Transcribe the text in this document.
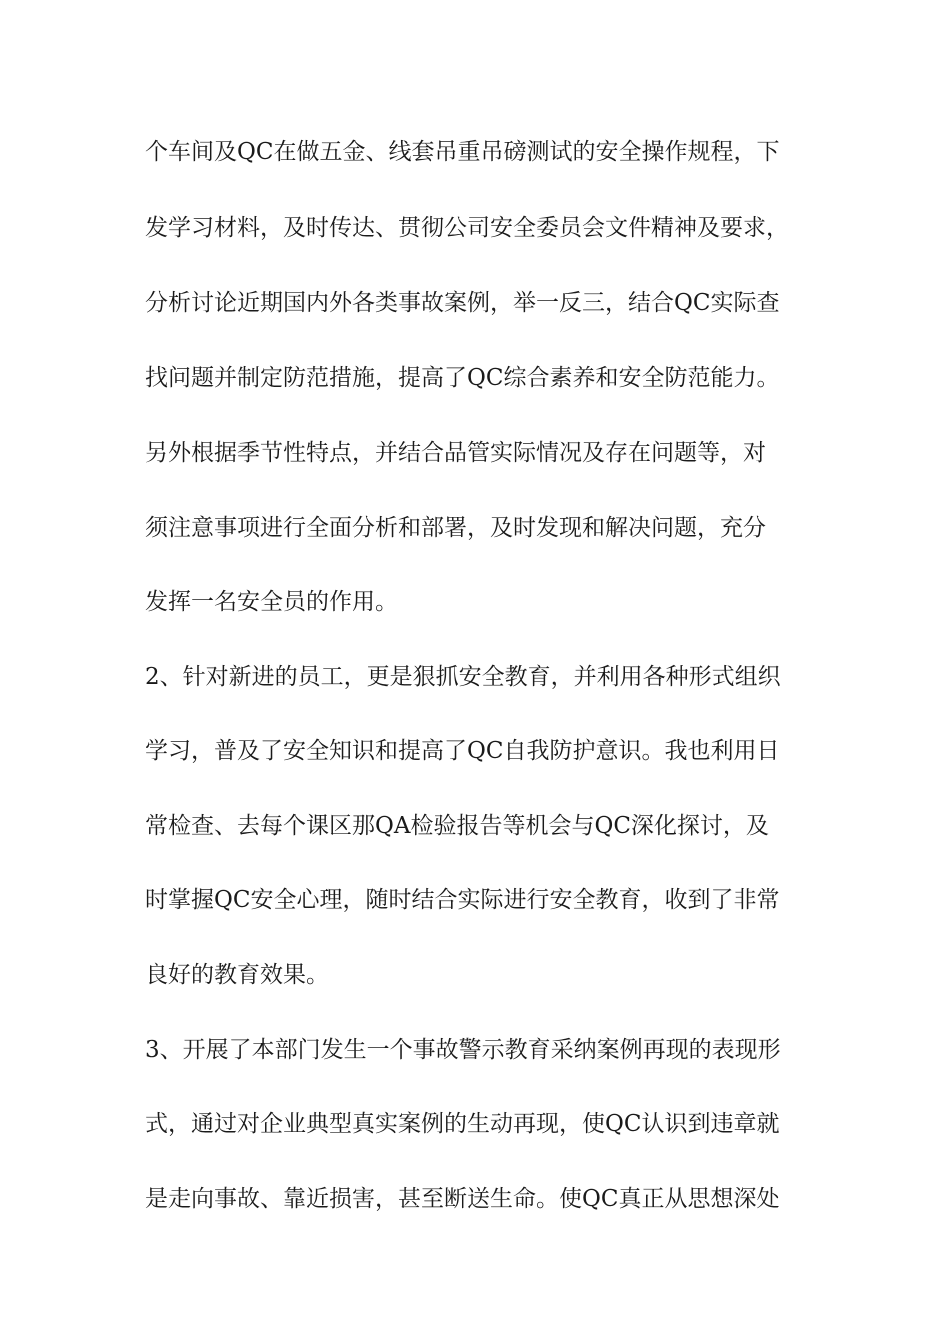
个车间及QC在做五金、线套吊重吊磅测试的安全操作规程，下
发学习材料，及时传达、贯彻公司安全委员会文件精神及要求，
分析讨论近期国内外各类事故案例，举一反三，结合QC实际查
找问题并制定防范措施，提高了QC综合素养和安全防范能力。
另外根据季节性特点，并结合品管实际情况及存在问题等，对
须注意事项进行全面分析和部署，及时发现和解决问题，充分
发挥一名安全员的作用。
2、针对新进的员工，更是狠抓安全教育，并利用各种形式组织
学习，普及了安全知识和提高了QC自我防护意识。我也利用日
常检查、去每个课区那QA检验报告等机会与QC深化探讨，及
时掌握QC安全心理，随时结合实际进行安全教育，收到了非常
良好的教育效果。
3、开展了本部门发生一个事故警示教育采纳案例再现的表现形
式，通过对企业典型真实案例的生动再现，使QC认识到违章就
是走向事故、靠近损害，甚至断送生命。使QC真正从思想深处
